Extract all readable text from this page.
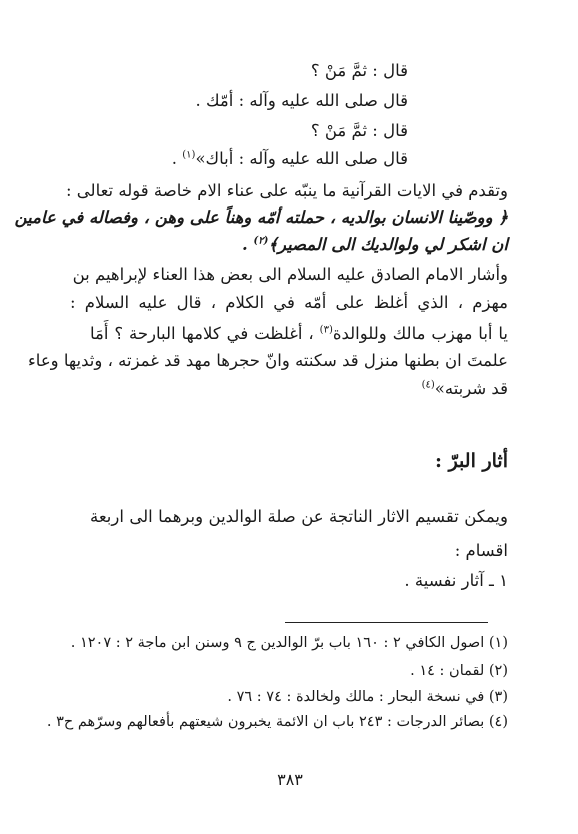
قال : ثمَّ مَنْ ؟
قال صلى الله عليه وآله : أمّك .
قال : ثمَّ مَنْ ؟
قال صلى الله عليه وآله : أباك»$^{(١)}$ .
وتقدم في الايات القرآنية ما ينبّه على عناء الام خاصة قوله تعالى :
﴿ ووصّينا الانسان بوالديه ، حملته أمّه وهناً على وهن ، وفصاله في عامين
ان اشكر لي ولوالديك الى المصير﴾$^{(٢)}$ .
وأشار الامام الصادق عليه السلام الى بعض هذا العناء لإبراهيم بن
مهزم ، الذي أغلظ على أمّه في الكلام ، قال عليه السلام :
يا أبا مهزب مالك وللوالدة$^{(٣)}$ ، أغلظت في كلامها البارحة ؟ أَمَا
علمتَ ان بطنها منزل قد سكنته وانّ حجرها مهد قد غمزته ، وثديها وعاء
قد شربته»$^{(٤)}$
أثار البرّ :
ويمكن تقسيم الاثار الناتجة عن صلة الوالدين وبرهما الى اربعة
اقسام :
١ ـ آثار نفسية .
(١) اصول الكافي ٢ : ١٦٠ باب برّ الوالدين ج ٩ وسنن ابن ماجة ٢ : ١٢٠٧ .
(٢) لقمان : ١٤ .
(٣) في نسخة البحار : مالك ولخالدة : ٧٤ : ٧٦ .
(٤) بصائر الدرجات : ٢٤٣ باب ان الائمة يخبرون شيعتهم بأفعالهم وسرّهم ح٣ .
٣٨٣
